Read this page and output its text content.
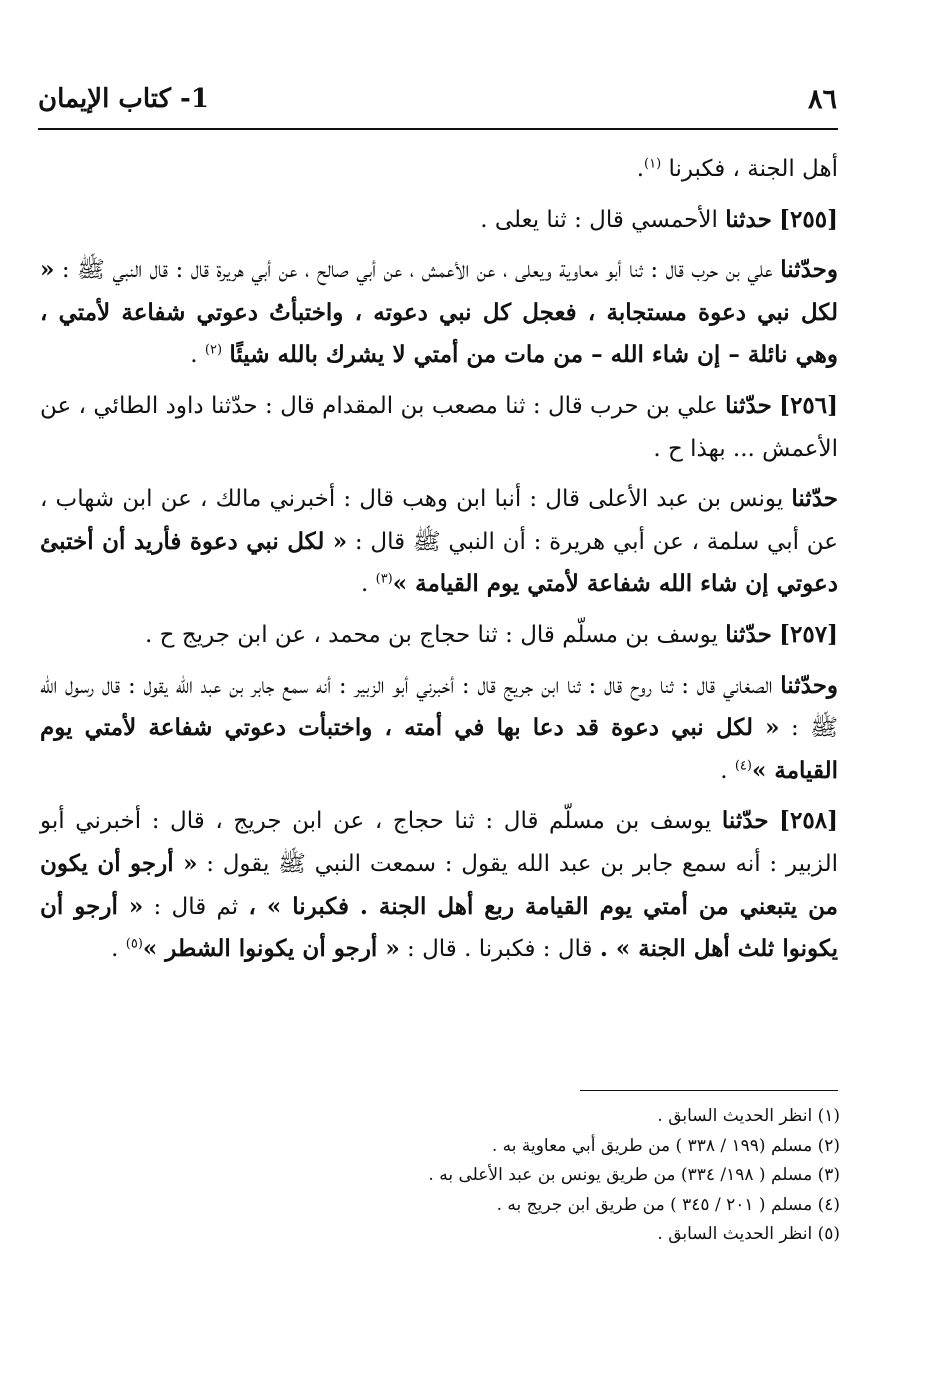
٨٦
1- كتاب الإيمان

أهل الجنة ، فكبرنا $^{(١)}$.

[٢٥٥] حدثنا الأحمسي قال : ثنا يعلى .

وحدّثنا علي بن حرب قال : ثنا أبو معاوية ويعلى ، عن الأعمش ، عن أبي صالح ، عن أبي هريرة قال : قال النبي ﷺ : « لكل نبي دعوة مستجابة ، فعجل كل نبي دعوته ، واختبأتُ دعوتي شفاعة لأمتي ، وهي نائلة – إن شاء الله – من مات من أمتي لا يشرك بالله شيئًا $^{(٢)}$ .

[٢٥٦] حدّثنا علي بن حرب قال : ثنا مصعب بن المقدام قال : حدّثنا داود الطائي ، عن الأعمش ... بهذا ح .

حدّثنا يونس بن عبد الأعلى قال : أنبا ابن وهب قال : أخبرني مالك ، عن ابن شهاب ، عن أبي سلمة ، عن أبي هريرة : أن النبي ﷺ قال : « لكل نبي دعوة فأريد أن أختبئ دعوتي إن شاء الله شفاعة لأمتي يوم القيامة »$^{(٣)}$ .

[٢٥٧] حدّثنا يوسف بن مسلّم قال : ثنا حجاج بن محمد ، عن ابن جريج ح .

وحدّثنا الصغاني قال : ثنا روح قال : ثنا ابن جريج قال : أخبرني أبو الزبير : أنه سمع جابر بن عبد الله يقول : قال رسول الله ﷺ : « لكل نبي دعوة قد دعا بها في أمته ، واختبأت دعوتي شفاعة لأمتي يوم القيامة »$^{(٤)}$ .

[٢٥٨] حدّثنا يوسف بن مسلّم قال : ثنا حجاج ، عن ابن جريج ، قال : أخبرني أبو الزبير : أنه سمع جابر بن عبد الله يقول : سمعت النبي ﷺ يقول : « أرجو أن يكون من يتبعني من أمتي يوم القيامة ربع أهل الجنة . فكبرنا » ، ثم قال : « أرجو أن يكونوا ثلث أهل الجنة » . قال : فكبرنا . قال : « أرجو أن يكونوا الشطر »$^{(٥)}$ .

(١) انظر الحديث السابق .
(٢) مسلم (١٩٩ / ٣٣٨ ) من طريق أبي معاوية به .
(٣) مسلم ( ١٩٨/ ٣٣٤) من طريق يونس بن عبد الأعلى به .
(٤) مسلم ( ٢٠١ / ٣٤٥ ) من طريق ابن جريج به .
(٥) انظر الحديث السابق .
